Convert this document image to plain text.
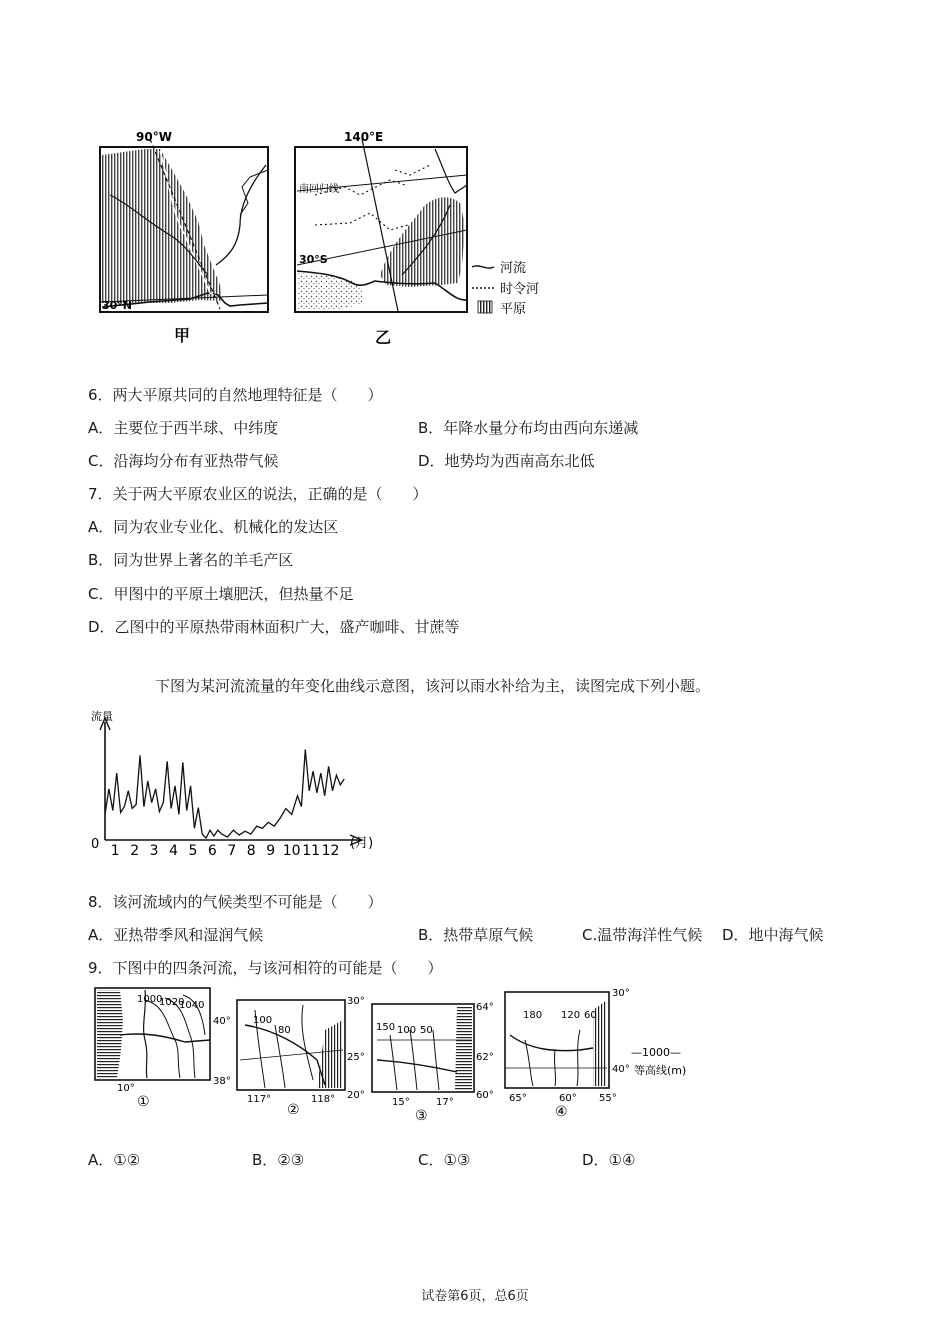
90°W
30°N
甲
140°E
南回归线
30°S
乙
河流
时令河
平原
6．两大平原共同的自然地理特征是（　　）
A．主要位于西半球、中纬度	B．年降水量分布均由西向东递减
C．沿海均分布有亚热带气候	D．地势均为西南高东北低
7．关于两大平原农业区的说法，正确的是（　　）
A．同为农业专业化、机械化的发达区
B．同为世界上著名的羊毛产区
C．甲图中的平原土壤肥沃，但热量不足
D．乙图中的平原热带雨林面积广大，盛产咖啡、甘蔗等
下图为某河流流量的年变化曲线示意图，该河以雨水补给为主，读图完成下列小题。
流量
(月)
0 1 2 3 4 5 6 7 8 9 10 11 12
8．该河流域内的气候类型不可能是（　　）
A．亚热带季风和湿润气候	B．热带草原气候	C.温带海洋性气候 D．地中海气候
9．下图中的四条河流，与该河相符的可能是（　　）
1000
1020
1040
40°
38°
10°
①
100
80
30°
25°
20°
117°	118°
②
150 100 50
64°
62°
60°
15°	17°
③
180 120 60
30°
40°
65°	60° 55°
④
—1000—
等高线(m)
A．①②	B．②③	C．①③	D．①④
试卷第6页，总6页
